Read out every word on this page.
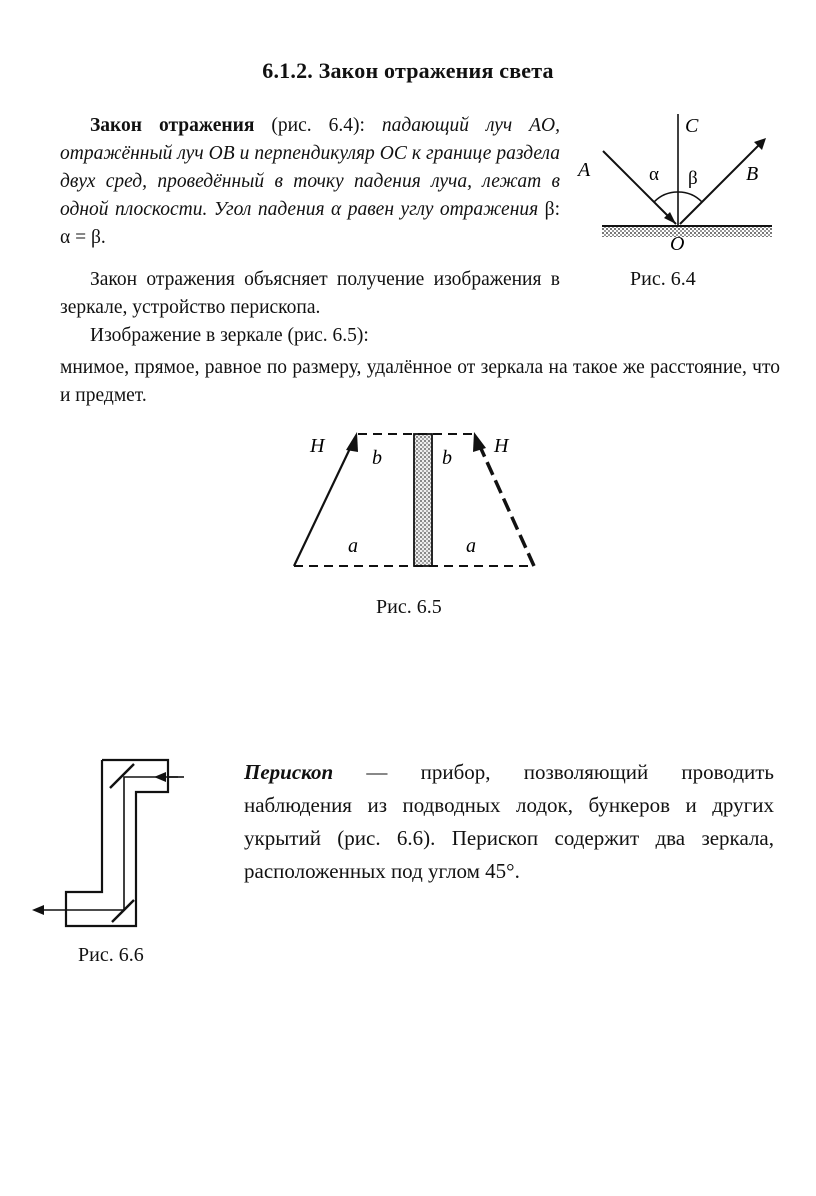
6.1.2. Закон отражения света
Закон отражения (рис. 6.4): падающий луч AO, отражённый луч OB и перпендикуляр OC к границе раздела двух сред, проведённый в точку падения луча, лежат в одной плоскости. Угол падения α равен углу отражения β: α = β.
Закон отражения объясняет получение изображения в зеркале, устройство перископа.
Изображение в зеркале (рис. 6.5):
мнимое, прямое, равное по размеру, удалённое от зеркала на такое же расстояние, что и предмет.
A
C
B
O
α β
Рис. 6.4
H	H
b	b
a	a
Рис. 6.5
Рис. 6.6
Перископ — прибор, позволяющий проводить наблюдения из подводных лодок, бункеров и других укрытий (рис. 6.6). Перископ содержит два зеркала, расположенных под углом 45°.
